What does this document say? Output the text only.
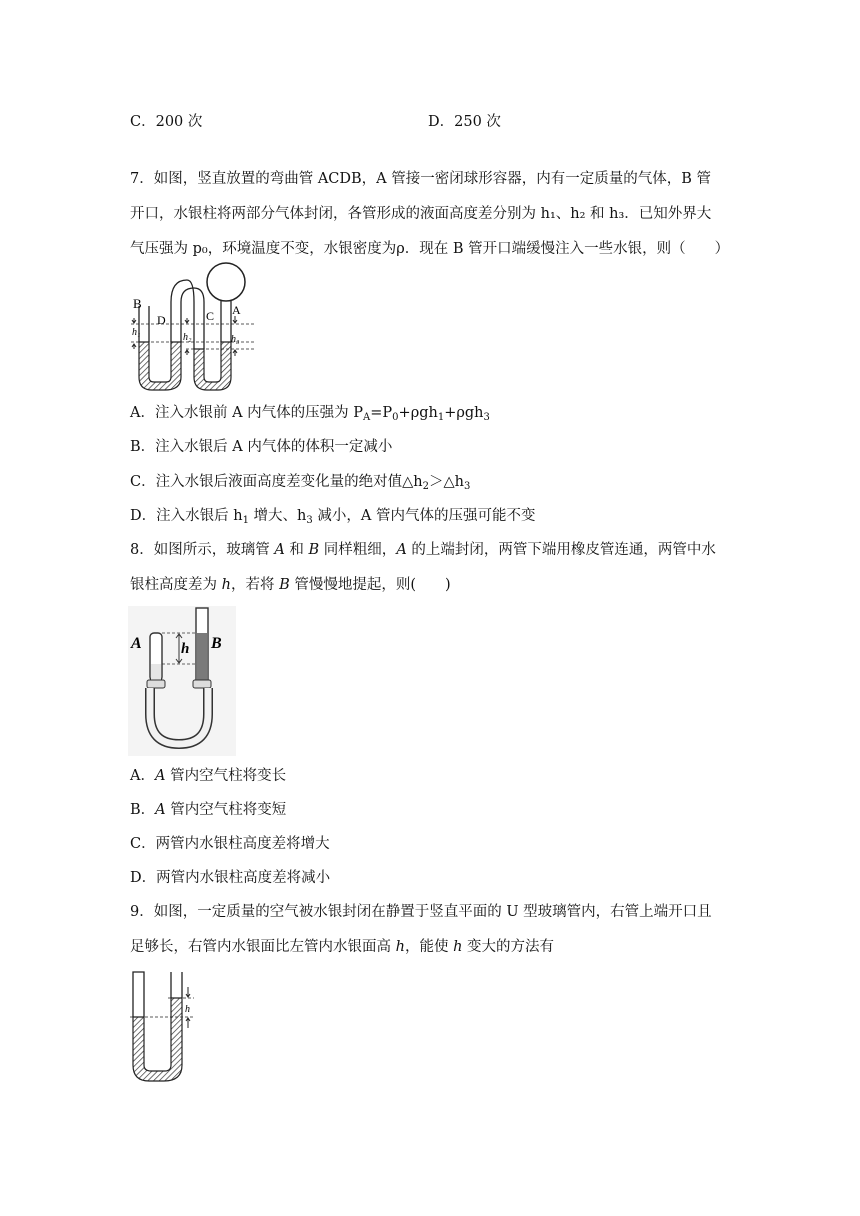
C．200 次	D．250 次
7．如图，竖直放置的弯曲管 ACDB，A 管接一密闭球形容器，内有一定质量的气体，B 管
开口，水银柱将两部分气体封闭，各管形成的液面高度差分别为 h₁、h₂ 和 h₃．已知外界大
气压强为 p₀，环境温度不变，水银密度为ρ．现在 B 管开口端缓慢注入一些水银，则（　　）
B
D	C A
h₁	h₂	h₃
A．注入水银前 A 内气体的压强为 $P_A=P_0+\rho gh_1+\rho gh_3$
B．注入水银后 A 内气体的体积一定减小
C．注入水银后液面高度差变化量的绝对值$\triangle h_2>\triangle h_3$
D．注入水银后 $h_1$ 增大、$h_3$ 减小，A 管内气体的压强可能不变
8．如图所示，玻璃管 A 和 B 同样粗细，A 的上端封闭，两管下端用橡皮管连通，两管中水
银柱高度差为 h，若将 B 管慢慢地提起，则(　　)
A	B
h
A．A 管内空气柱将变长
B．A 管内空气柱将变短
C．两管内水银柱高度差将增大
D．两管内水银柱高度差将减小
9．如图，一定质量的空气被水银封闭在静置于竖直平面的 U 型玻璃管内，右管上端开口且
足够长，右管内水银面比左管内水银面高 h，能使 h 变大的方法有
h
